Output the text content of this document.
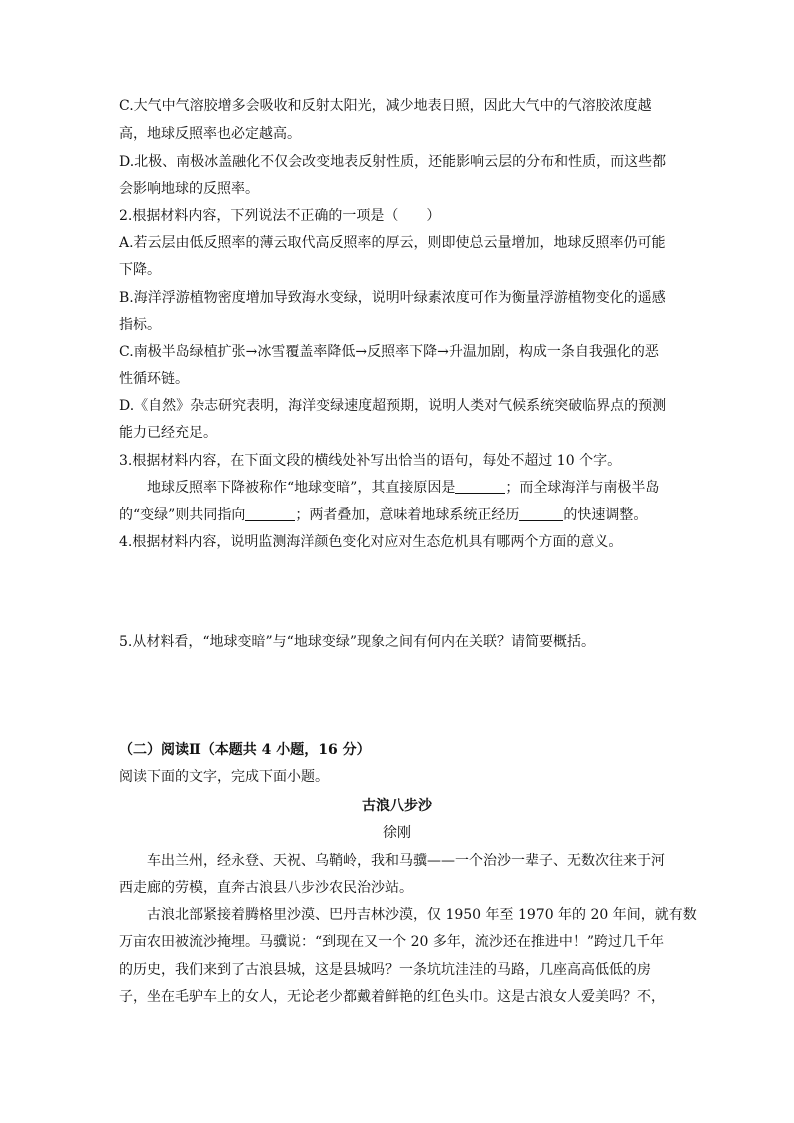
C.大气中气溶胶增多会吸收和反射太阳光，减少地表日照，因此大气中的气溶胶浓度越
高，地球反照率也必定越高。
D.北极、南极冰盖融化不仅会改变地表反射性质，还能影响云层的分布和性质，而这些都
会影响地球的反照率。
2.根据材料内容，下列说法不正确的一项是（　　）
A.若云层由低反照率的薄云取代高反照率的厚云，则即使总云量增加，地球反照率仍可能
下降。
B.海洋浮游植物密度增加导致海水变绿，说明叶绿素浓度可作为衡量浮游植物变化的遥感
指标。
C.南极半岛绿植扩张→冰雪覆盖率降低→反照率下降→升温加剧，构成一条自我强化的恶
性循环链。
D.《自然》杂志研究表明，海洋变绿速度超预期，说明人类对气候系统突破临界点的预测
能力已经充足。
3.根据材料内容，在下面文段的横线处补写出恰当的语句，每处不超过 10 个字。
地球反照率下降被称作“地球变暗”，其直接原因是	；而全球海洋与南极半岛
的“变绿”则共同指向	；两者叠加，意味着地球系统正经历	的快速调整。
4.根据材料内容，说明监测海洋颜色变化对应对生态危机具有哪两个方面的意义。
5.从材料看，“地球变暗”与“地球变绿”现象之间有何内在关联？请简要概括。
（二）阅读Ⅱ（本题共 4 小题，16 分）
阅读下面的文字，完成下面小题。
古浪八步沙
徐刚
车出兰州，经永登、天祝、乌鞘岭，我和马骥——一个治沙一辈子、无数次往来于河
西走廊的劳模，直奔古浪县八步沙农民治沙站。
古浪北部紧接着腾格里沙漠、巴丹吉林沙漠，仅 1950 年至 1970 年的 20 年间，就有数
万亩农田被流沙掩埋。马骥说：“到现在又一个 20 多年，流沙还在推进中！”跨过几千年
的历史，我们来到了古浪县城，这是县城吗？一条坑坑洼洼的马路，几座高高低低的房
子，坐在毛驴车上的女人，无论老少都戴着鲜艳的红色头巾。这是古浪女人爱美吗？不，
